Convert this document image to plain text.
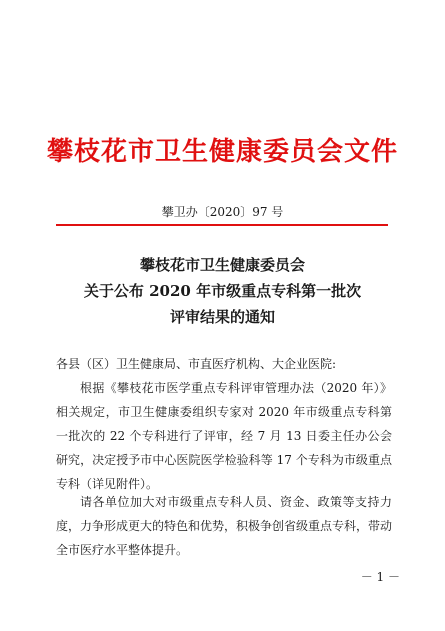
攀枝花市卫生健康委员会文件
攀卫办〔2020〕97 号
攀枝花市卫生健康委员会
关于公布 2020 年市级重点专科第一批次
评审结果的通知
各县（区）卫生健康局、市直医疗机构、大企业医院:
根据《攀枝花市医学重点专科评审管理办法（2020 年）》相关规定，市卫生健康委组织专家对 2020 年市级重点专科第一批次的 22 个专科进行了评审，经 7 月 13 日委主任办公会研究，决定授予市中心医院医学检验科等 17 个专科为市级重点专科（详见附件）。
请各单位加大对市级重点专科人员、资金、政策等支持力度，力争形成更大的特色和优势，积极争创省级重点专科，带动全市医疗水平整体提升。
－ 1 －
